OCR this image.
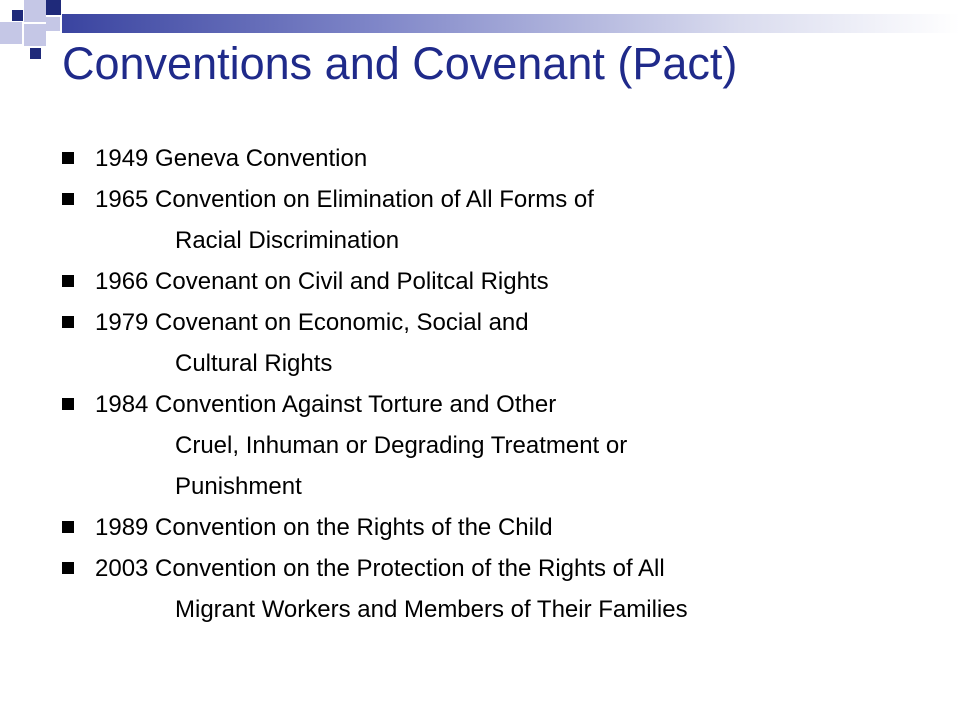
Conventions and Covenant (Pact)
1949 Geneva Convention
1965 Convention on Elimination of All Forms of
Racial Discrimination
1966 Covenant on Civil and Politcal Rights
1979 Covenant on Economic, Social and
Cultural Rights
1984 Convention Against Torture and Other
Cruel, Inhuman or Degrading Treatment or
Punishment
1989 Convention on the Rights of the Child
2003 Convention on the Protection of the Rights of All
Migrant Workers and Members of Their Families
